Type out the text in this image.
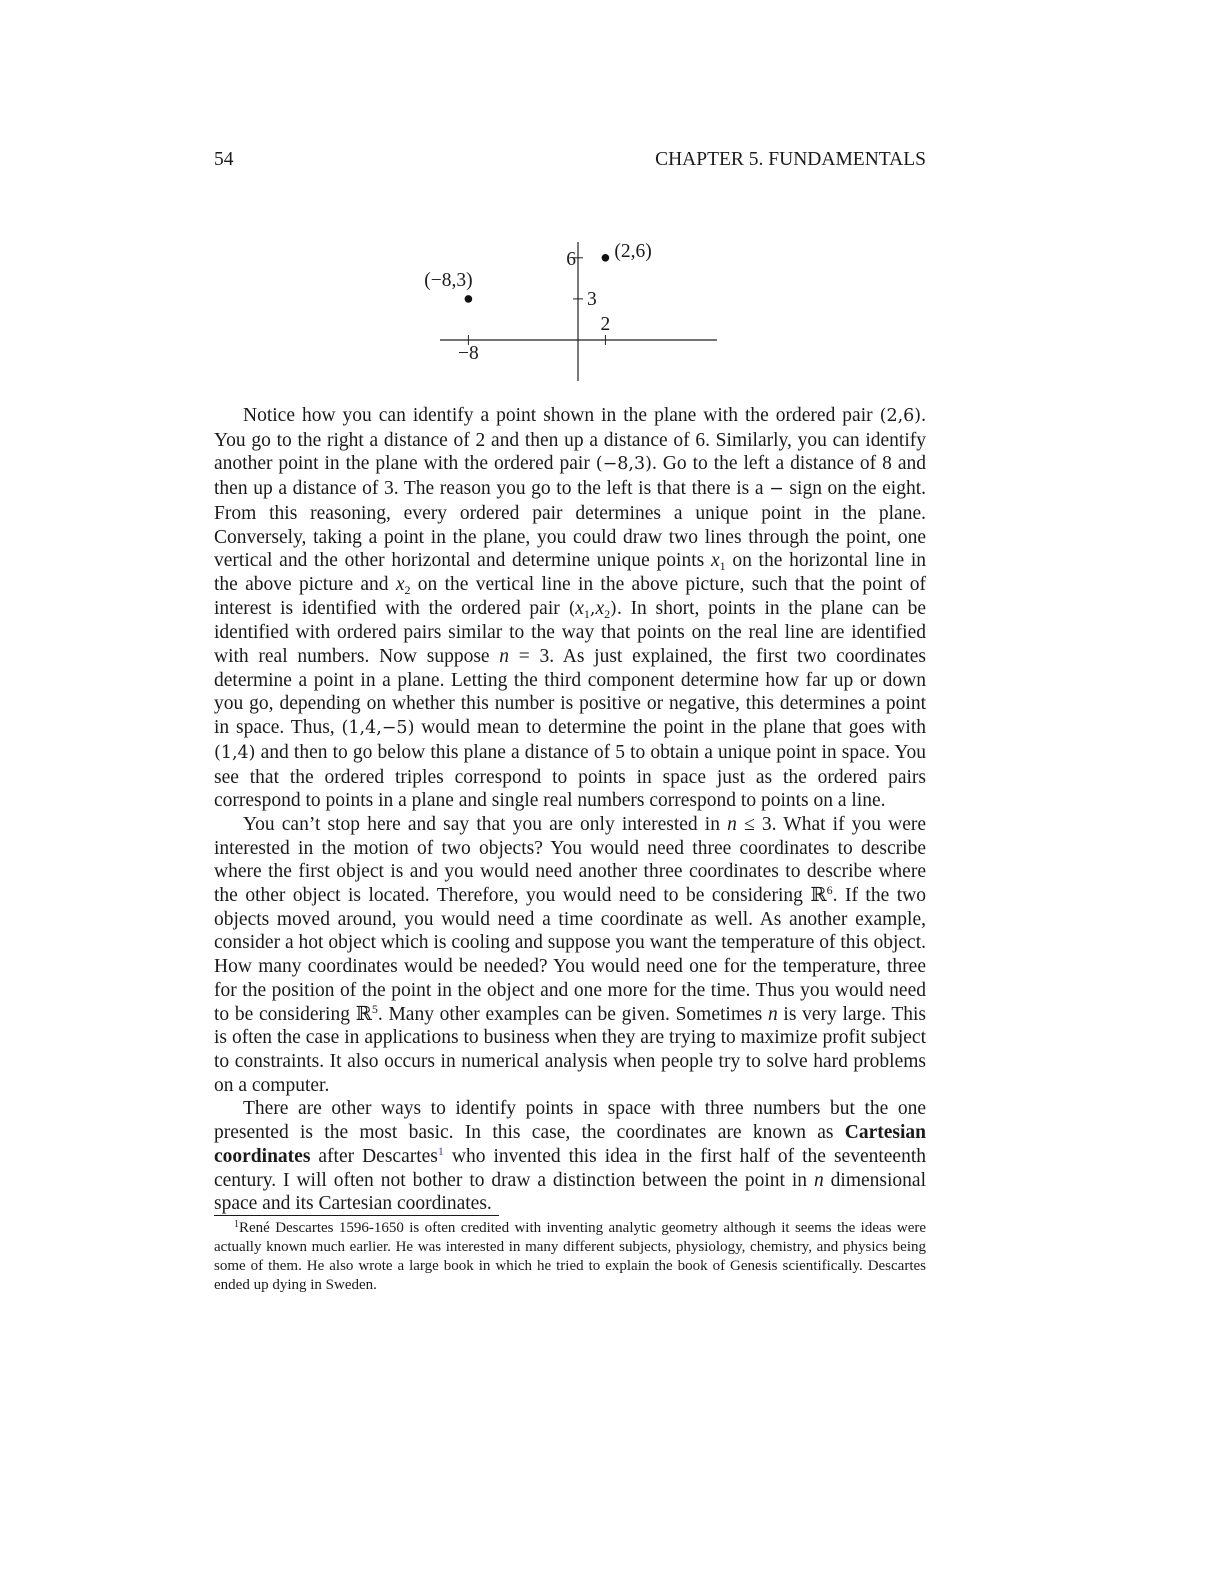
54	CHAPTER 5. FUNDAMENTALS
−8
2
6
3
(2,6)
(−8,3)

Notice how you can identify a point shown in the plane with the ordered pair (2,6). You go to the right a distance of 2 and then up a distance of 6. Similarly, you can identify another point in the plane with the ordered pair (−8,3). Go to the left a distance of 8 and then up a distance of 3. The reason you go to the left is that there is a − sign on the eight. From this reasoning, every ordered pair determines a unique point in the plane. Conversely, taking a point in the plane, you could draw two lines through the point, one vertical and the other horizontal and determine unique points $x_1$ on the horizontal line in the above picture and $x_2$ on the vertical line in the above picture, such that the point of interest is identified with the ordered pair $(x_1,x_2)$. In short, points in the plane can be identified with ordered pairs similar to the way that points on the real line are identified with real numbers. Now suppose n = 3. As just explained, the first two coordinates determine a point in a plane. Letting the third component determine how far up or down you go, depending on whether this number is positive or negative, this determines a point in space. Thus, (1,4,−5) would mean to determine the point in the plane that goes with (1,4) and then to go below this plane a distance of 5 to obtain a unique point in space. You see that the ordered triples correspond to points in space just as the ordered pairs correspond to points in a plane and single real numbers correspond to points on a line.

You can’t stop here and say that you are only interested in n ≤ 3. What if you were interested in the motion of two objects? You would need three coordinates to describe where the first object is and you would need another three coordinates to describe where the other object is located. Therefore, you would need to be considering ℝ$^6$. If the two objects moved around, you would need a time coordinate as well. As another example, consider a hot object which is cooling and suppose you want the temperature of this object. How many coordinates would be needed? You would need one for the temperature, three for the position of the point in the object and one more for the time. Thus you would need to be considering ℝ$^5$. Many other examples can be given. Sometimes n is very large. This is often the case in applications to business when they are trying to maximize profit subject to constraints. It also occurs in numerical analysis when people try to solve hard problems on a computer.

There are other ways to identify points in space with three numbers but the one presented is the most basic. In this case, the coordinates are known as Cartesian coordinates after Descartes$^1$ who invented this idea in the first half of the seventeenth century. I will often not bother to draw a distinction between the point in n dimensional space and its Cartesian coordinates.

$^1$René Descartes 1596-1650 is often credited with inventing analytic geometry although it seems the ideas were actually known much earlier. He was interested in many different subjects, physiology, chemistry, and physics being some of them. He also wrote a large book in which he tried to explain the book of Genesis scientifically. Descartes ended up dying in Sweden.
